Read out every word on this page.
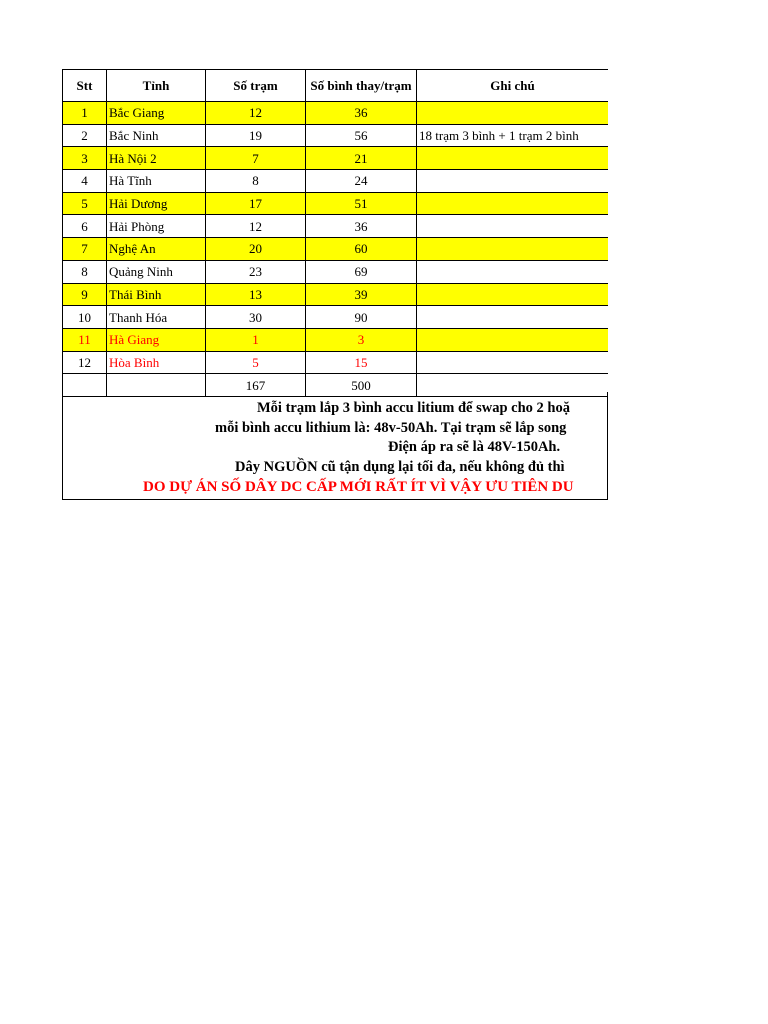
Stt	Tỉnh	Số trạm	Số bình thay/trạm	Ghi chú
1	Bắc Giang	12	36	
2	Bắc Ninh	19	56	18 trạm 3 bình + 1 trạm 2 bình
3	Hà Nội 2	7	21	
4	Hà Tĩnh	8	24	
5	Hải Dương	17	51	
6	Hải Phòng	12	36	
7	Nghệ An	20	60	
8	Quảng Ninh	23	69	
9	Thái Bình	13	39	
10	Thanh Hóa	30	90	
11	Hà Giang	1	3	
12	Hòa Bình	5	15	
		167	500	
Mỗi trạm lắp 3 bình accu litium để swap cho 2 hoặ
mỗi bình accu lithium là: 48v-50Ah. Tại trạm sẽ lắp song
Điện áp ra sẽ là 48V-150Ah.
Dây NGUỒN cũ tận dụng lại tối đa, nếu không đủ thì
DO DỰ ÁN SỐ DÂY DC CẤP MỚI RẤT ÍT VÌ VẬY ƯU TIÊN DU
